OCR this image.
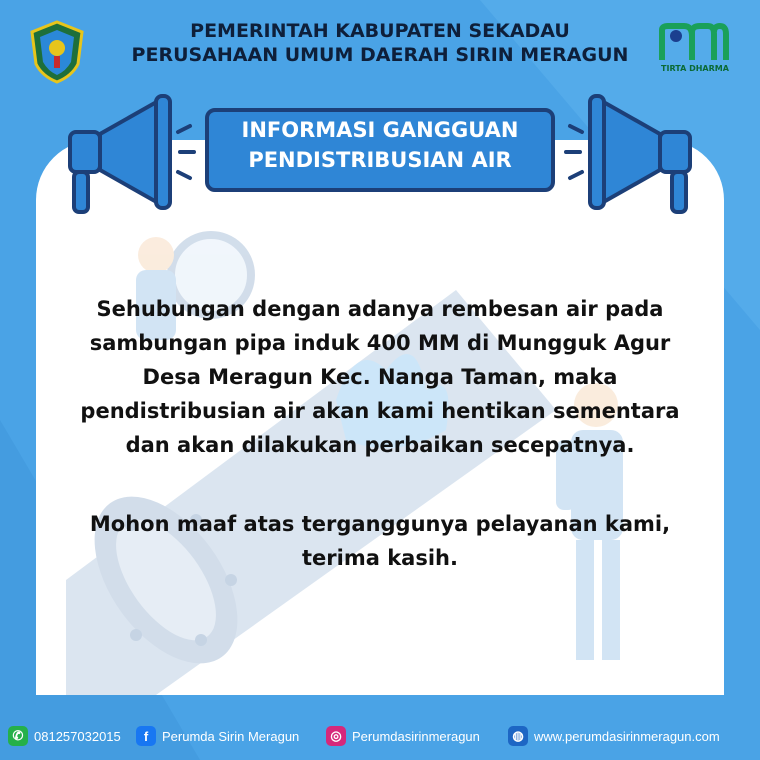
PEMERINTAH KABUPATEN SEKADAU
PERUSAHAAN UMUM DAERAH SIRIN MERAGUN
TIRTA DHARMA
INFORMASI GANGGUAN
PENDISTRIBUSIAN AIR
Sehubungan dengan adanya rembesan air pada sambungan pipa induk 400 MM di Mungguk Agur Desa Meragun Kec. Nanga Taman, maka pendistribusian air akan kami hentikan sementara dan akan dilakukan perbaikan secepatnya.
Mohon maaf atas terganggunya pelayanan kami, terima kasih.
✆ 081257032015	f	Perumda Sirin Meragun	◎ Perumdasirinmeragun	◍ www.perumdasirinmeragun.com
